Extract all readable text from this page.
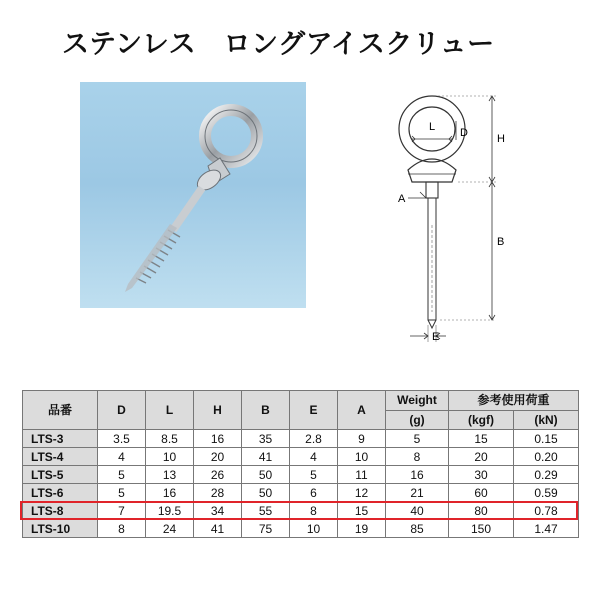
ステンレス　ロングアイスクリュー
L D	H
B
A
E
品番	D	L	H	B	E	A	Weight	参考使用荷重	
							(g)	(kgf)	(kN)
LTS-3	3.5	8.5	16	35	2.8	9	5	15	0.15
LTS-4	4	10	20	41	4	10	8	20	0.20
LTS-5	5	13	26	50	5	11	16	30	0.29
LTS-6	5	16	28	50	6	12	21	60	0.59
LTS-8	7	19.5	34	55	8	15	40	80	0.78
LTS-10	8	24	41	75	10	19	85	150	1.47
